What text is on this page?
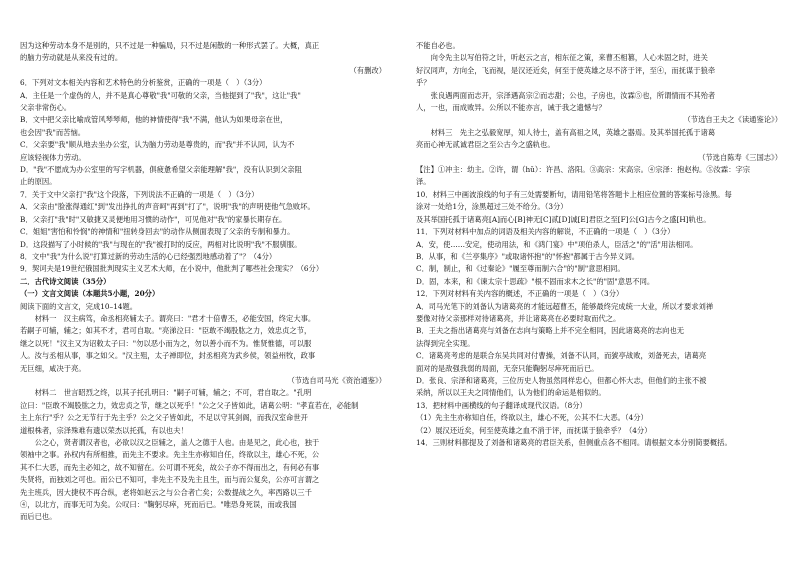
因为这种劳动本身不是别的，只不过是一种骗局，只不过是闲散的一种形式罢了。大概，真正

的脑力劳动就是从来没有过的。

（有删改）

6．下列对文本相关内容和艺术特色的分析鉴赏，正确的一项是（　）（3分）

A．主任是一个虚伪的人，并不是真心尊敬"我"可敬的父亲，当他提到了"我"，这让"我"

父亲非常伤心。

B．文中把父亲比喻成管风琴琴师，他的神情使得"我"不满，他认为如果母亲在世，

也会因"我"而苦恼。

C．父亲要"我"顺从地去坐办公室，认为脑力劳动是尊贵的，而"我"并不认同，认为不

应该轻视体力劳动。

D．"我"不愿成为办公室里的写字机器，俱疲惫希望父亲能理解"我"，没有认识到父亲阻

止的原因。

7．关于文中父亲打"我"这个段落，下列说法不正确的一项是（　）（3分）

A．父亲由"脸涨得通红"到"发出挣扎的声音呵"再到"打了"，说明"我"的声明使他气急败坏。

B．父亲打"我"时"又敏捷又灵便地用习惯的动作"，可见他对"我"的家暴长期存在。

C．姐姐"害怕和怜悯"的神情和"扭转身回去"的动作从侧面表现了父亲的专制和暴力。

D．这段描写了小时候的"我"与现在的"我"被打时的反应，两相对比说明"我"不服驯服。

8．文中"我"为什么说"打算过新的劳动生活的心已经强烈地感动着了"？（4分）

9．契诃夫是19世纪俄国批判现实主义艺术大师，在小说中，他批判了哪些社会现实？（6分）

二．古代诗文阅读（35分）

（一）文言文阅读（本题共5小题，20分）

阅读下面的文言文，完成10–14题。

材料一　汉主病笃，命丞相亮辅太子。谓亮曰："君才十倍曹丕，必能安国，终定大事。

若嗣子可辅，辅之；如其不才，君可自取。"亮涕泣曰："臣敢不竭股肱之力，效忠贞之节，

继之以死！"汉主又为诏敕太子曰："勿以恶小而为之，勿以善小而不为。惟贤惟德，可以服

人。汝与丞相从事，事之如父。"汉主殂，太子禅即位，封丞相亮为武乡侯，领益州牧，政事

无巨细，咸决于亮。

（节选自司马光《资治通鉴》）

材料二　世言昭烈之终，以其子托孔明曰："嗣子可辅，辅之；不可，君自取之。"孔明

泣曰："臣敢不竭股肱之力，效忠贞之节，继之以死乎！"公之父子皆如此，诸葛公明："孝直若在，必能制

主上东行"乎？公之无节行于先主乎？公之父子皆如此，不足以守其剑阁，而我汉室命世开

道根株者，宗泽殊难有遗以荣杰以托孤，有以也夫！

公之心，贤者谓汉者也，必欲以汉之臣辅之，盖人之德于人也。由是见之，此心也，独于

领袖中之事。孙权内有所相推，而先主不要求。先主生亦称知自任，终欲以主，雄心不死，公

其不仁大恶，而先主必知之，故不知留在。公可谓不死矣，故公子亦不得而出之，有何必有事

失贤将，而独刘之可也。而公已不知可，非先主不及先主且生，而与而公复矣，公亦可言谓之

先主班兵，因大捷权不再合纵，老将如赵云之与公合者亡矣；公数提战之久，率西路以三千

④，以北方，而事无可为矣。公叹曰："鞠躬尽瘁，死而后已。"唯恐身死误，而或我国

而后已也。

不能自必也。

向令先主以写伯符之计，听赵云之言，相东征之策，来曹丕相篡，人心未固之时，进关

好汉同声，方向全，飞而视，是汉还近矣，何至于使英雄之尽不济于评，至④，而抚谋于狼牵

乎？

张良遇两面而志开，宗泽遇高宗②而志甜；公也，子房也，汝霖⑤也，所谓情而不其殆者

人，一也，而成败异。公所以不能亦言，诫于我之遗憾与？

（节选自王夫之《读通鉴论》）

材料三　先主之弘毅宽厚，知人待士，盖有高祖之风，英雄之器焉。及其举国托孤于诸葛

亮而心神无贰诚君臣之至公古今之盛轨也。

（节选自陈寿《三国志》）

【注】①冲主：幼主。②许，谓（hǔ）：许昌、洛阳。③高宗：宋高宗。④宗泽：抱赵构。⑤汝霖：字宗

泽。

10．材料三中画波浪线的句子有三处需要断句，请用铅笔将答题卡上相应位置的答案标号涂黑。每

涂对一处给1分，涂黑超过三处不给分。（3分）

及其举国托孤于诸葛亮[A]而心[B]神无[C]贰[D]诚[E]君臣之至[F]公[G]古今之盛[H]轨也。

11．下列对材料中加点的词语及相关内容的解说，不正确的一项是（　）（3分）

A．安，使……安定，使动用法，和《鸿门宴》中"项伯杀人，臣活之"的"活"用法相同。

B．从事，和《兰亭集序》"或取诸怀抱"的"怀抱"都属于古今异义词。

C．制，制止，和《过秦论》"履至尊而制六合"的"制"意思相同。

D．固，本来，和《谏太宗十思疏》"根不固而求木之长"的"固"意思不同。

12．下列对材料有关内容的概述，不正确的一项是（　）（3分）

A．司马光笔下的刘备认为诸葛亮的才能远超曹丕，能够最终完成统一大业，所以才要求刘禅

要像对待父亲那样对待诸葛亮，并让诸葛亮在必要时取而代之。

B．王夫之指出诸葛亮与刘备在志向与策略上并不完全相同，因此诸葛亮的志向也无

法得到完全实现。

C．诸葛亮考虑的是联合东吴共同对付曹操，刘备不认同，而猇亭战败，刘备死去，诸葛亮

面对的是敌强我弱的局面，无奈只能鞠躬尽瘁死而后已。

D．张良、宗泽和诸葛亮，三位历史人物虽然同样忠心，但都心怀大志，但他们的主张不被

采纳，所以以王夫之同情他们，认为他们的命运是相似的。

13．把材料中画横线的句子翻译成现代汉语。（8分）

（1）先主生亦称知自任，终欲以主，雄心不死，公其不仁大恶。（4分）

（2）展汉还近矣，何至使英雄之血不消于评，而抚谋于狼牵乎？（4分）

14．三则材料都提及了刘备和诸葛亮的君臣关系，但侧重点各不相同。请根据文本分别简要概括。
